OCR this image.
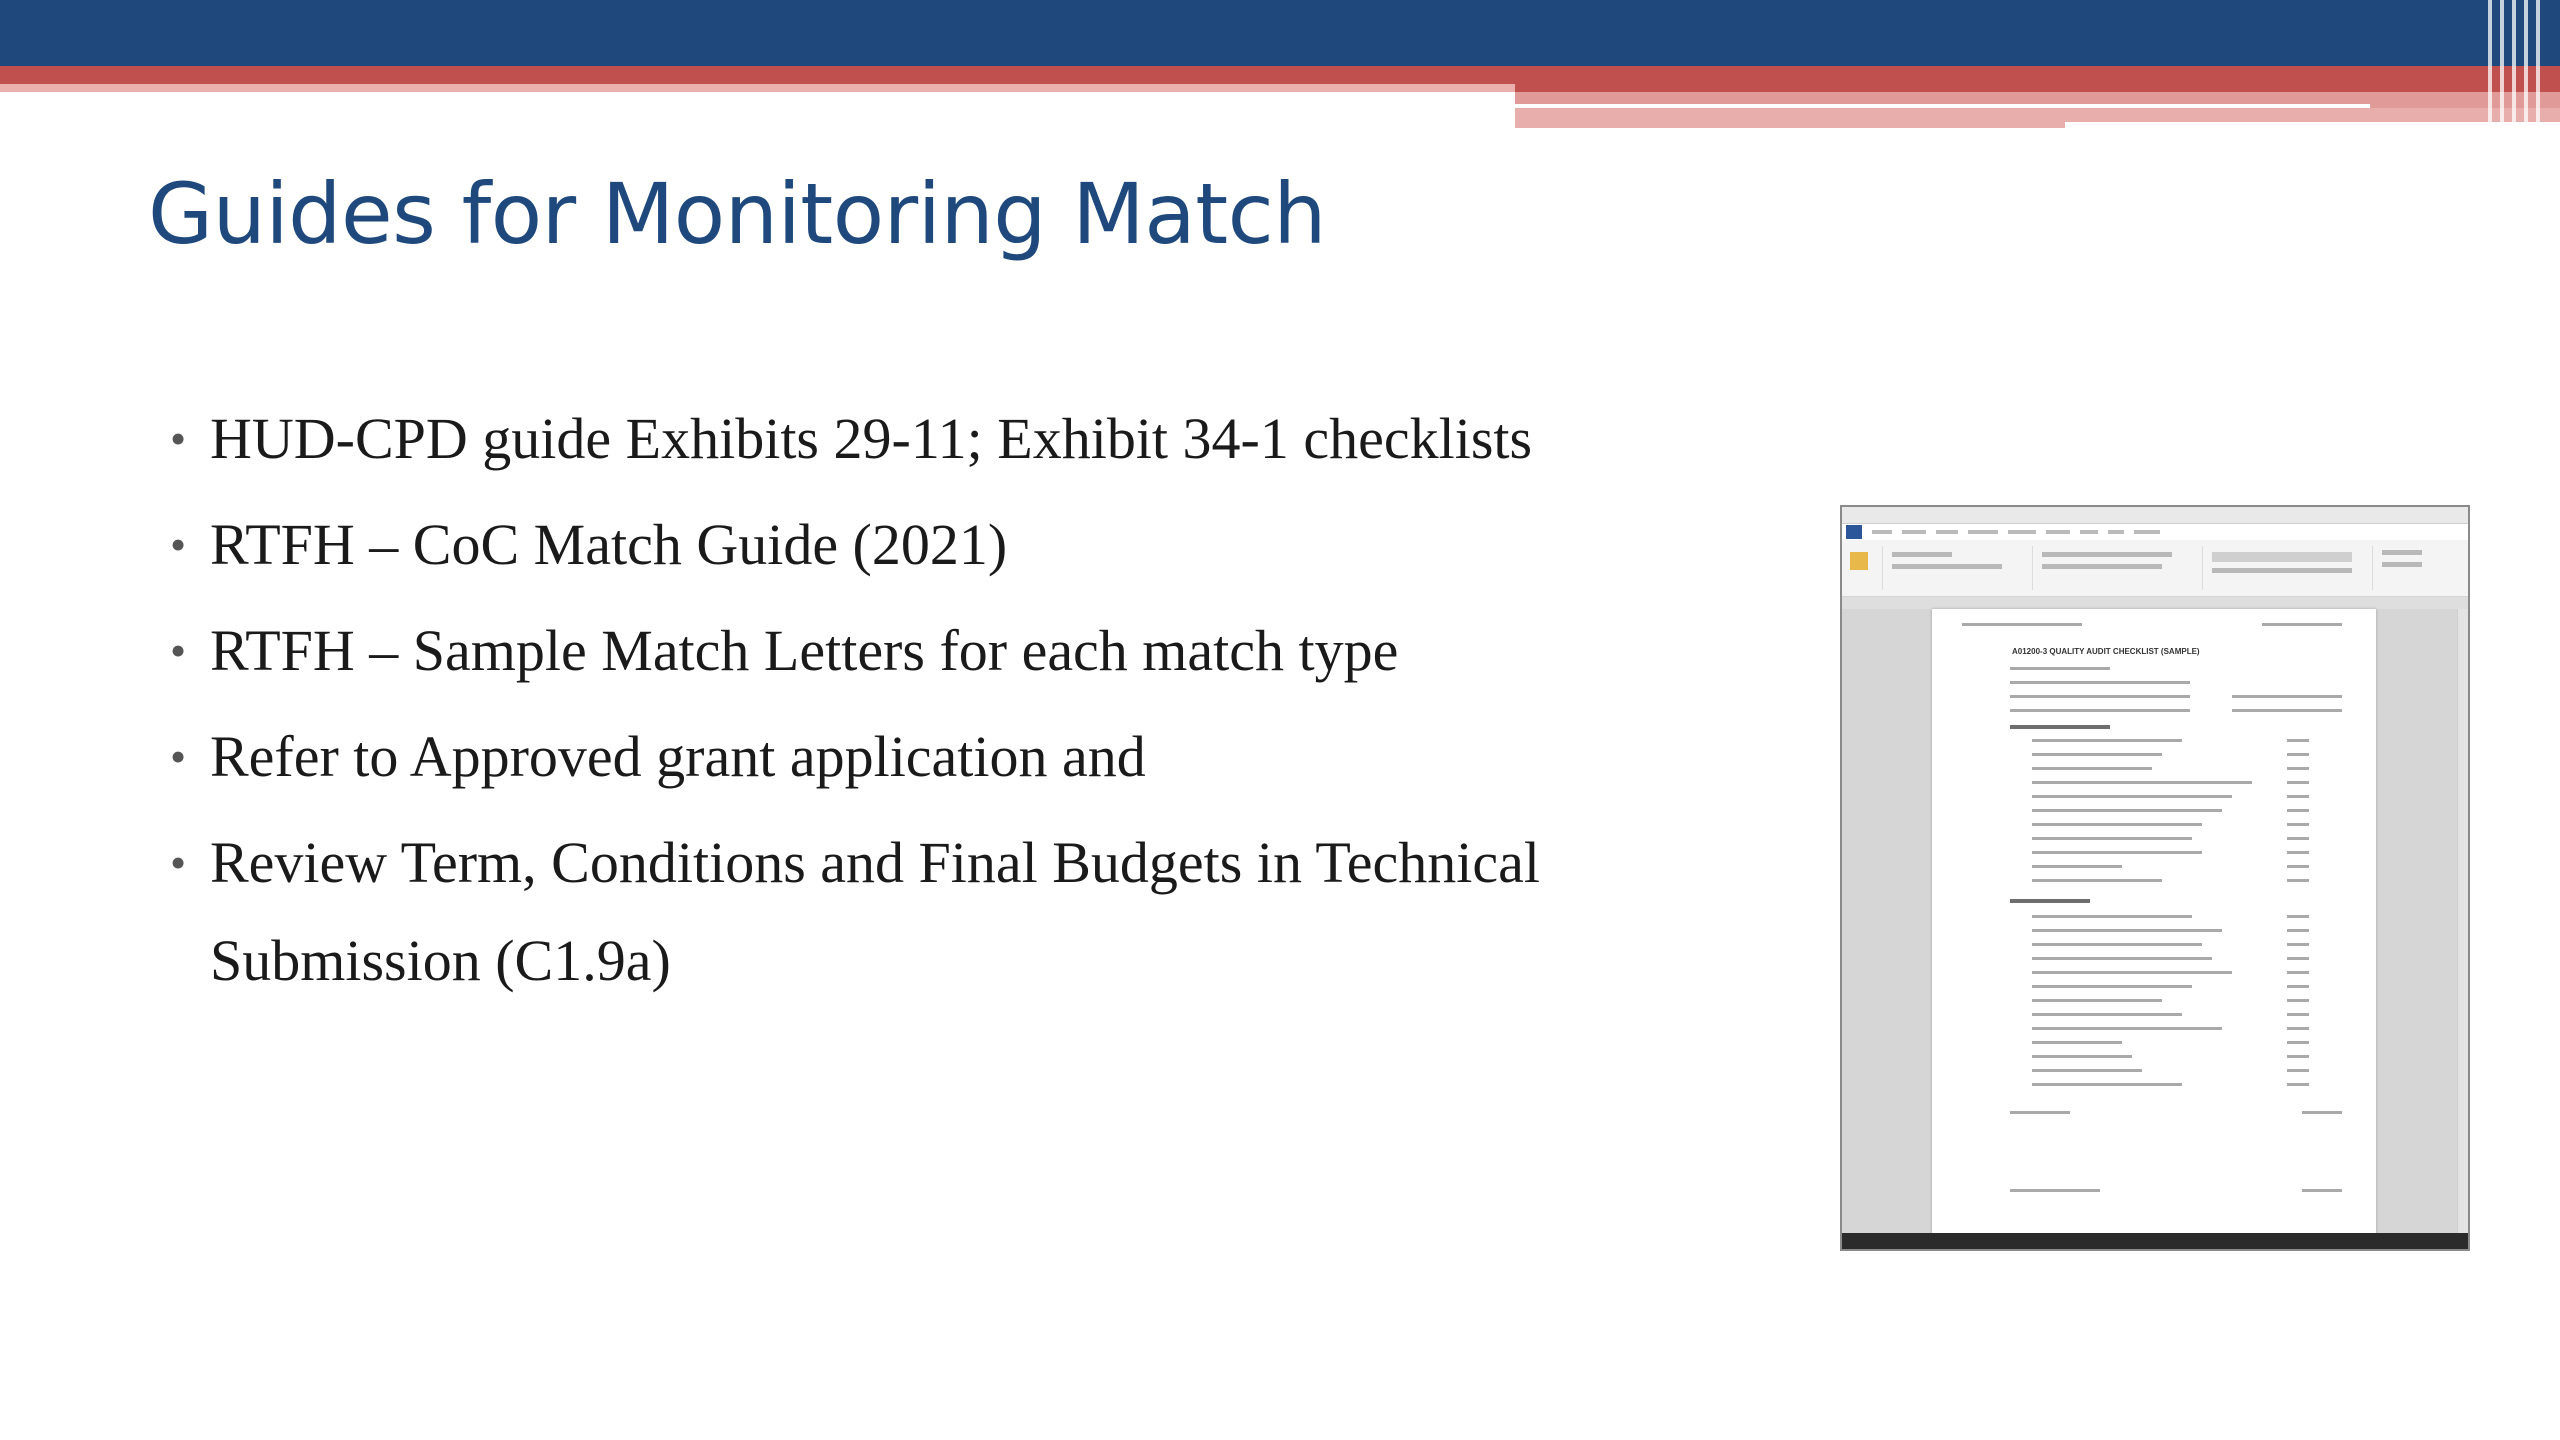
Guides for Monitoring Match
• HUD-CPD guide Exhibits 29-11; Exhibit 34-1 checklists
• RTFH – CoC Match Guide (2021)
• RTFH – Sample Match Letters for each match type
• Refer to Approved grant application and
• Review Term, Conditions and Final Budgets in Technical Submission (C1.9a)

A01200-3 QUALITY AUDIT CHECKLIST (SAMPLE)
